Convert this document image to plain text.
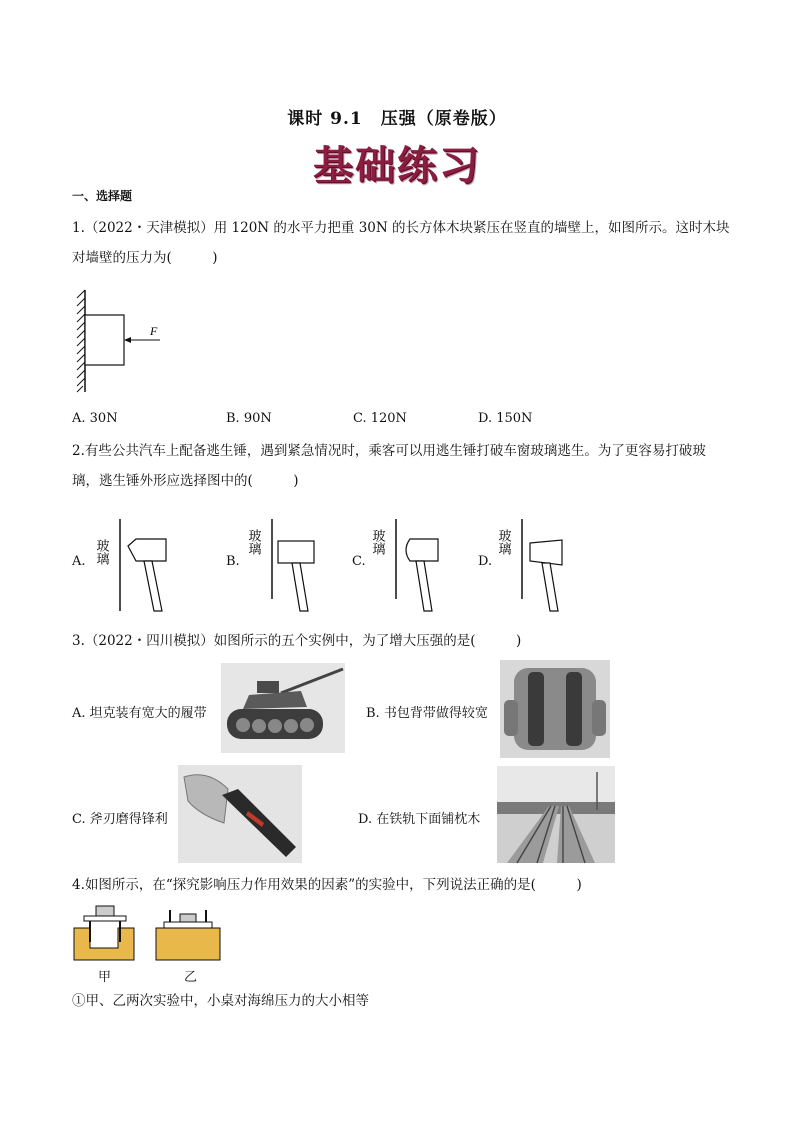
课时 9.1　压强（原卷版）
基础练习
一、选择题
1.（2022・天津模拟）用 120N 的水平力把重 30N 的长方体木块紧压在竖直的墙壁上，如图所示。这时木块对墙壁的压力为(　　　)
F
A. 30N	B. 90N	C. 120N	D. 150N
2.有些公共汽车上配备逃生锤，遇到紧急情况时，乘客可以用逃生锤打破车窗玻璃逃生。为了更容易打破玻璃，逃生锤外形应选择图中的(　　　)
A. 玻璃	B.
玻璃
C.
玻璃
D.
玻璃
3.（2022・四川模拟）如图所示的五个实例中，为了增大压强的是(　　　)
A. 坦克装有宽大的履带	B. 书包背带做得较宽
C. 斧刃磨得锋利	D. 在铁轨下面铺枕木
4.如图所示，在“探究影响压力作用效果的因素”的实验中，下列说法正确的是(　　　)
甲	乙
①甲、乙两次实验中，小桌对海绵压力的大小相等
